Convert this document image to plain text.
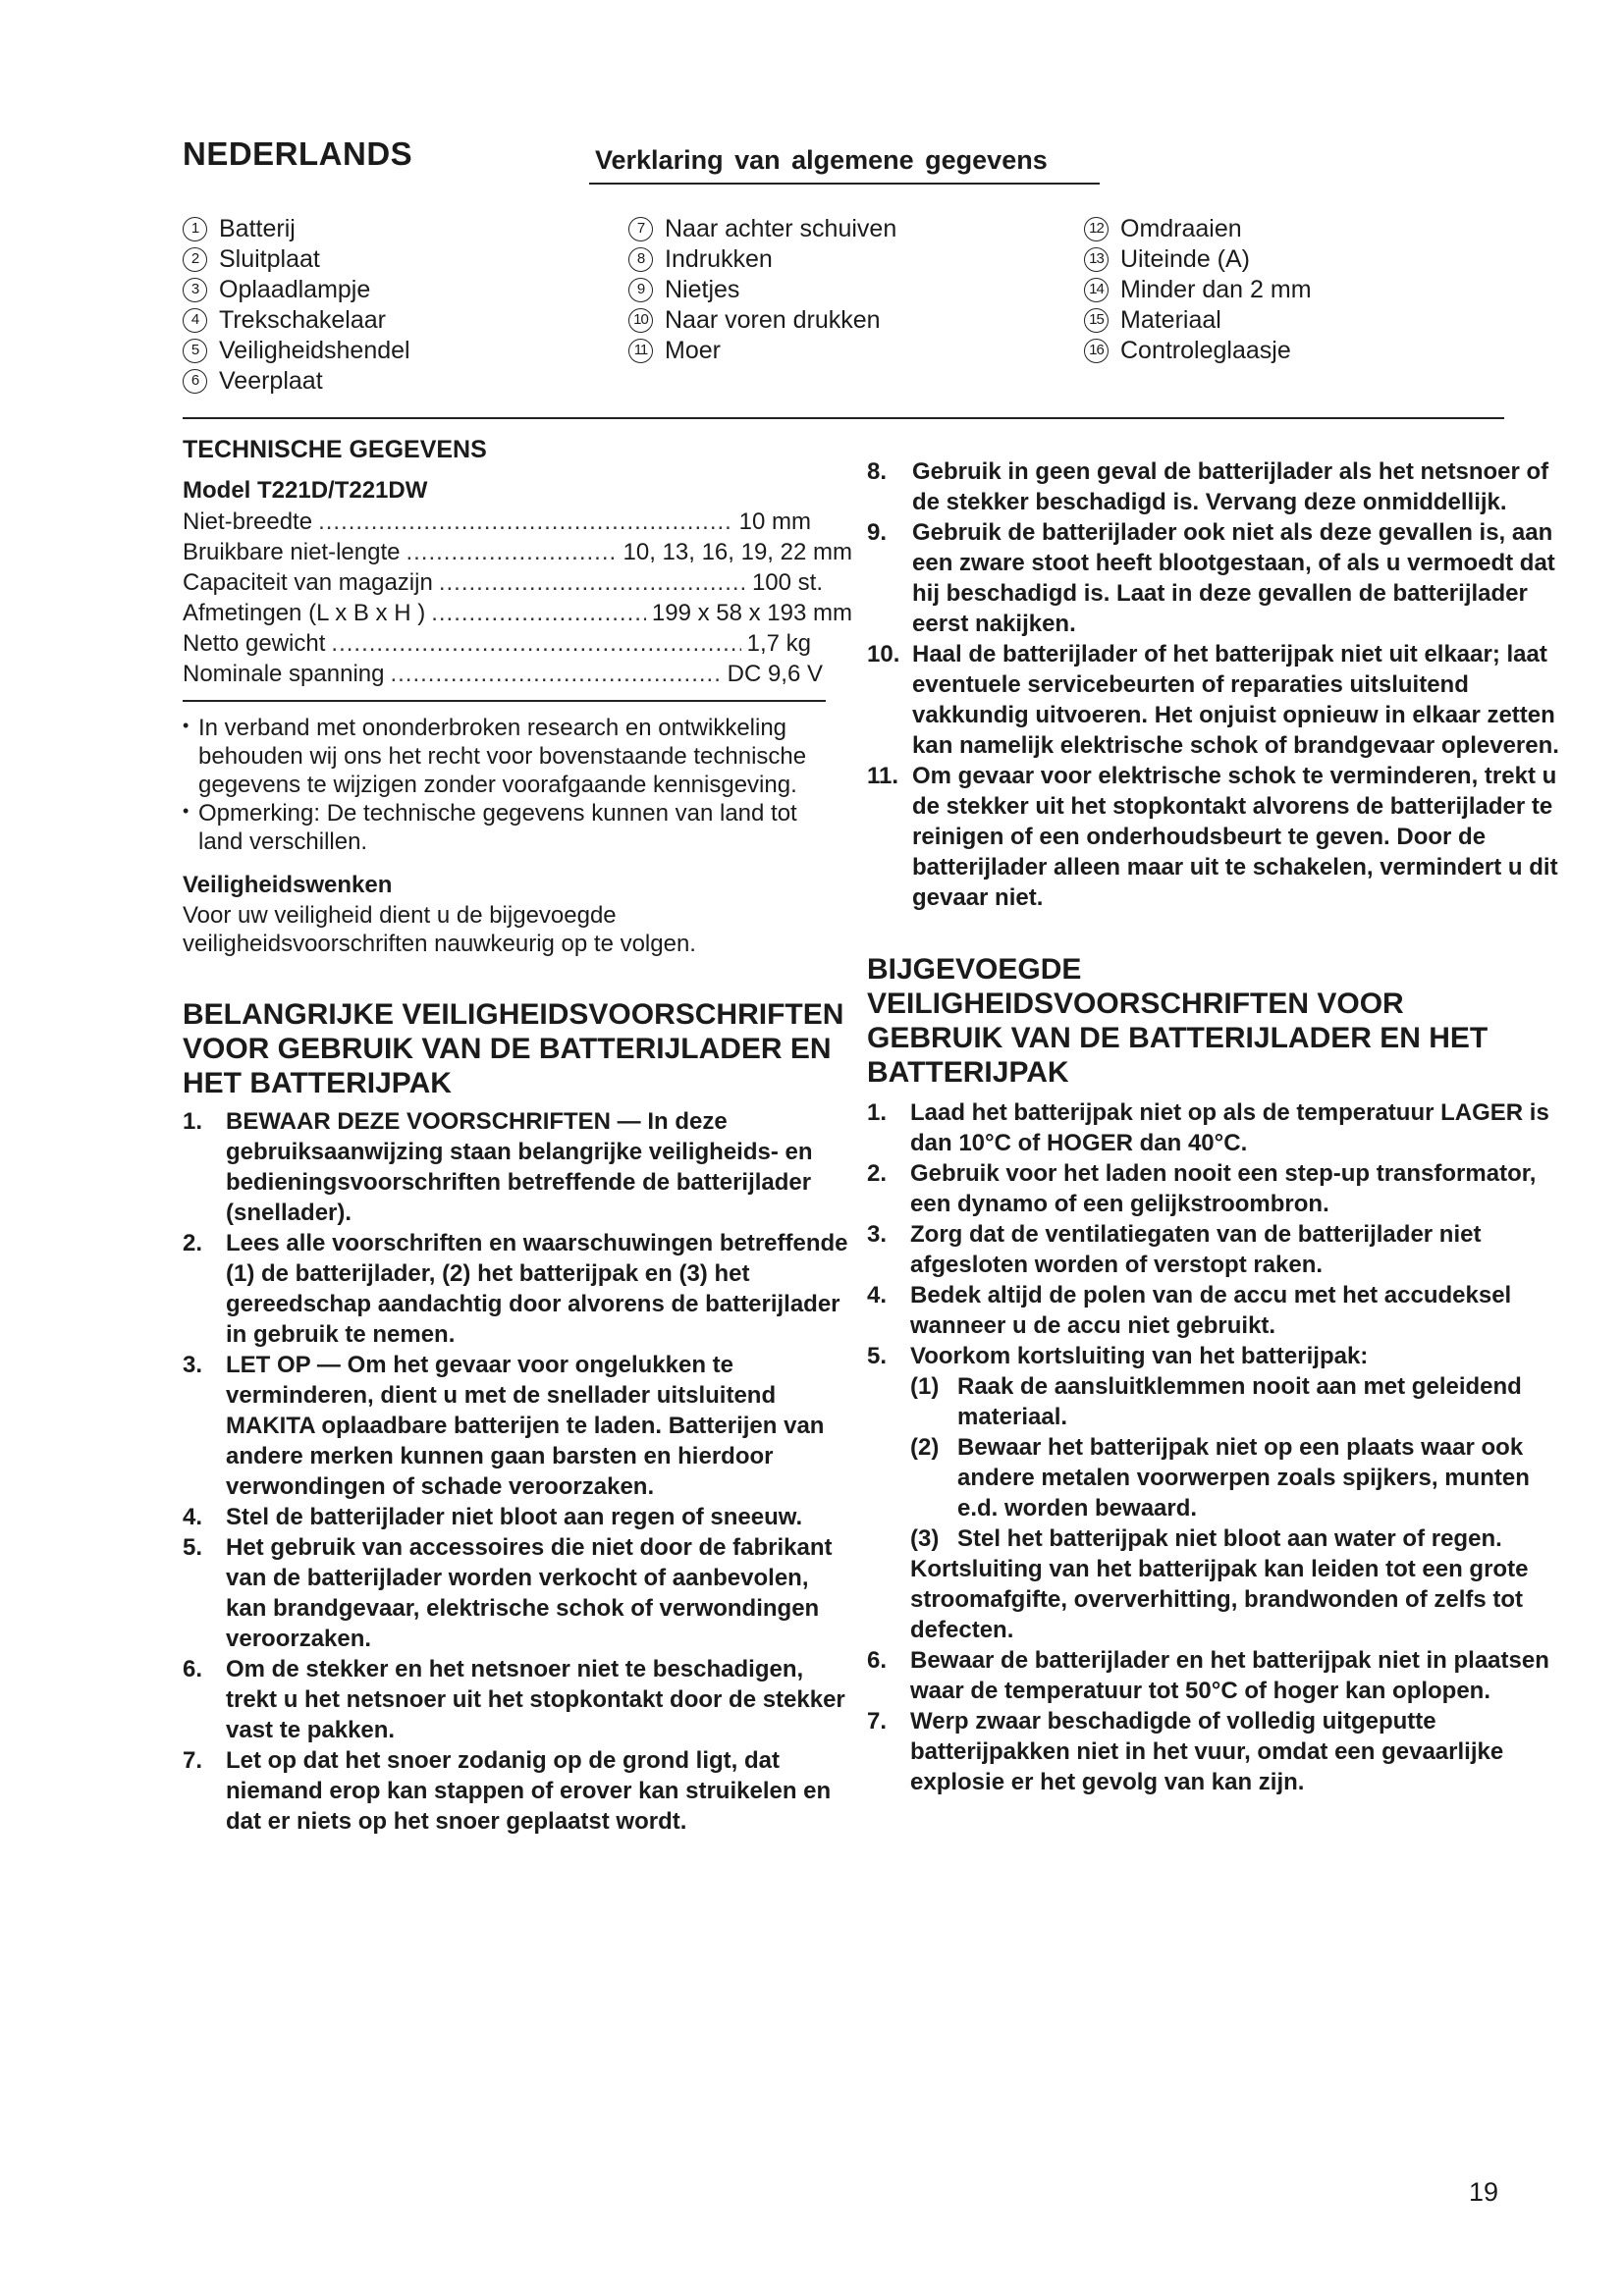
NEDERLANDS	Verklaring van algemene gegevens
1 Batterij
2 Sluitplaat
3 Oplaadlampje
4 Trekschakelaar
5 Veiligheidshendel
6 Veerplaat
7 Naar achter schuiven
8 Indrukken
9 Nietjes
10 Naar voren drukken
11 Moer
12 Omdraaien
13 Uiteinde (A)
14 Minder dan 2 mm
15 Materiaal
16 Controleglaasje
TECHNISCHE GEGEVENS
Model T221D/T221DW
Niet-breedte .....	10 mm
Bruikbare niet-lengte .....	10, 13, 16, 19, 22 mm
Capaciteit van magazijn .....	100 st.
Afmetingen (L x B x H ) .....	199 x 58 x 193 mm
Netto gewicht .....	1,7 kg
Nominale spanning .....	DC 9,6 V
• In verband met ononderbroken research en ontwikkeling behouden wij ons het recht voor bovenstaande technische gegevens te wijzigen zonder voorafgaande kennisgeving.
• Opmerking: De technische gegevens kunnen van land tot land verschillen.
Veiligheidswenken
Voor uw veiligheid dient u de bijgevoegde veiligheidsvoorschriften nauwkeurig op te volgen.
BELANGRIJKE VEILIGHEIDSVOORSCHRIFTEN VOOR GEBRUIK VAN DE BATTERIJLADER EN HET BATTERIJPAK
1. BEWAAR DEZE VOORSCHRIFTEN — In deze gebruiksaanwijzing staan belangrijke veiligheids- en bedieningsvoorschriften betreffende de batterijlader (snellader).
2. Lees alle voorschriften en waarschuwingen betreffende (1) de batterijlader, (2) het batterijpak en (3) het gereedschap aandachtig door alvorens de batterijlader in gebruik te nemen.
3. LET OP — Om het gevaar voor ongelukken te verminderen, dient u met de snellader uitsluitend MAKITA oplaadbare batterijen te laden. Batterijen van andere merken kunnen gaan barsten en hierdoor verwondingen of schade veroorzaken.
4. Stel de batterijlader niet bloot aan regen of sneeuw.
5. Het gebruik van accessoires die niet door de fabrikant van de batterijlader worden verkocht of aanbevolen, kan brandgevaar, elektrische schok of verwondingen veroorzaken.
6. Om de stekker en het netsnoer niet te beschadigen, trekt u het netsnoer uit het stopkontakt door de stekker vast te pakken.
7. Let op dat het snoer zodanig op de grond ligt, dat niemand erop kan stappen of erover kan struikelen en dat er niets op het snoer geplaatst wordt.
8.	Gebruik in geen geval de batterijlader als het netsnoer of de stekker beschadigd is. Vervang deze onmiddellijk.
9.	Gebruik de batterijlader ook niet als deze gevallen is, aan een zware stoot heeft blootgestaan, of als u vermoedt dat hij beschadigd is. Laat in deze gevallen de batterijlader eerst nakijken.
10. Haal de batterijlader of het batterijpak niet uit elkaar; laat eventuele servicebeurten of reparaties uitsluitend vakkundig uitvoeren. Het onjuist opnieuw in elkaar zetten kan namelijk elektrische schok of brandgevaar opleveren.
11. Om gevaar voor elektrische schok te verminderen, trekt u de stekker uit het stopkontakt alvorens de batterijlader te reinigen of een onderhoudsbeurt te geven. Door de batterijlader alleen maar uit te schakelen, vermindert u dit gevaar niet.
BIJGEVOEGDE VEILIGHEIDSVOORSCHRIFTEN VOOR GEBRUIK VAN DE BATTERIJLADER EN HET BATTERIJPAK
1. Laad het batterijpak niet op als de temperatuur LAGER is dan 10°C of HOGER dan 40°C.
2. Gebruik voor het laden nooit een step-up transformator, een dynamo of een gelijkstroombron.
3. Zorg dat de ventilatiegaten van de batterijlader niet afgesloten worden of verstopt raken.
4. Bedek altijd de polen van de accu met het accudeksel wanneer u de accu niet gebruikt.
5. Voorkom kortsluiting van het batterijpak:
(1) Raak de aansluitklemmen nooit aan met geleidend materiaal.
(2) Bewaar het batterijpak niet op een plaats waar ook andere metalen voorwerpen zoals spijkers, munten e.d. worden bewaard.
(3) Stel het batterijpak niet bloot aan water of regen.
Kortsluiting van het batterijpak kan leiden tot een grote stroomafgifte, oververhitting, brandwonden of zelfs tot defecten.
6. Bewaar de batterijlader en het batterijpak niet in plaatsen waar de temperatuur tot 50°C of hoger kan oplopen.
7. Werp zwaar beschadigde of volledig uitgeputte batterijpakken niet in het vuur, omdat een gevaarlijke explosie er het gevolg van kan zijn.
19
